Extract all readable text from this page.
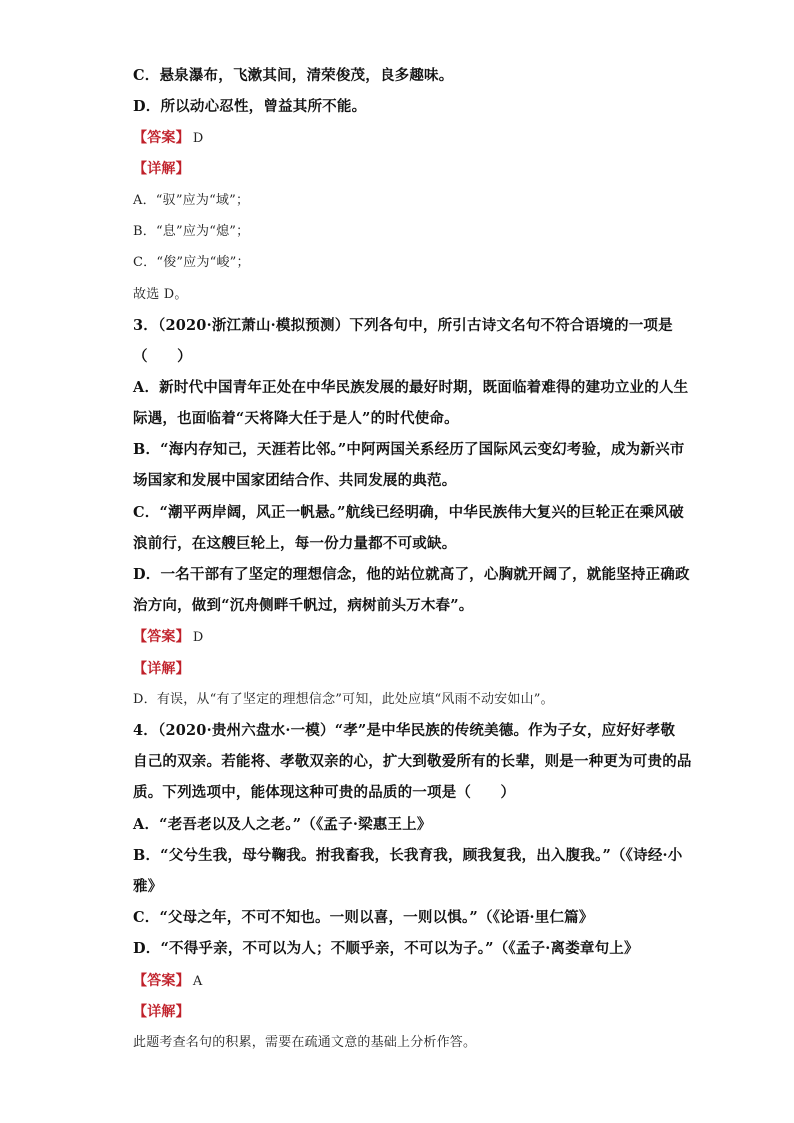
C．悬泉瀑布，飞漱其间，清荣俊茂，良多趣味。
D．所以动心忍性，曾益其所不能。
【答案】 D
【详解】
A．“驭”应为“域”；
B．“息”应为“熄”；
C．“俊”应为“峻”；
故选 D。
3．（2020·浙江萧山·模拟预测）下列各句中，所引古诗文名句不符合语境的一项是
（　　）
A．新时代中国青年正处在中华民族发展的最好时期，既面临着难得的建功立业的人生
际遇，也面临着“天将降大任于是人”的时代使命。
B．“海内存知己，天涯若比邻。”中阿两国关系经历了国际风云变幻考验，成为新兴市
场国家和发展中国家团结合作、共同发展的典范。
C．“潮平两岸阔，风正一帆悬。”航线已经明确，中华民族伟大复兴的巨轮正在乘风破
浪前行，在这艘巨轮上，每一份力量都不可或缺。
D．一名干部有了坚定的理想信念，他的站位就高了，心胸就开阔了，就能坚持正确政
治方向，做到“沉舟侧畔千帆过，病树前头万木春”。
【答案】 D
【详解】
D．有误，从“有了坚定的理想信念”可知，此处应填“风雨不动安如山”。
4．（2020·贵州六盘水·一模）“孝”是中华民族的传统美德。作为子女，应好好孝敬
自己的双亲。若能将、孝敬双亲的心，扩大到敬爱所有的长辈，则是一种更为可贵的品
质。下列选项中，能体现这种可贵的品质的一项是（　　）
A．“老吾老以及人之老。”（《孟子·梁惠王上》
B．“父兮生我，母兮鞠我。拊我畜我，长我育我，顾我复我，出入腹我。”（《诗经·小
雅》
C．“父母之年，不可不知也。一则以喜，一则以惧。”（《论语·里仁篇》
D．“不得乎亲，不可以为人；不顺乎亲，不可以为子。”（《孟子·离娄章句上》
【答案】 A
【详解】
此题考查名句的积累，需要在疏通文意的基础上分析作答。
